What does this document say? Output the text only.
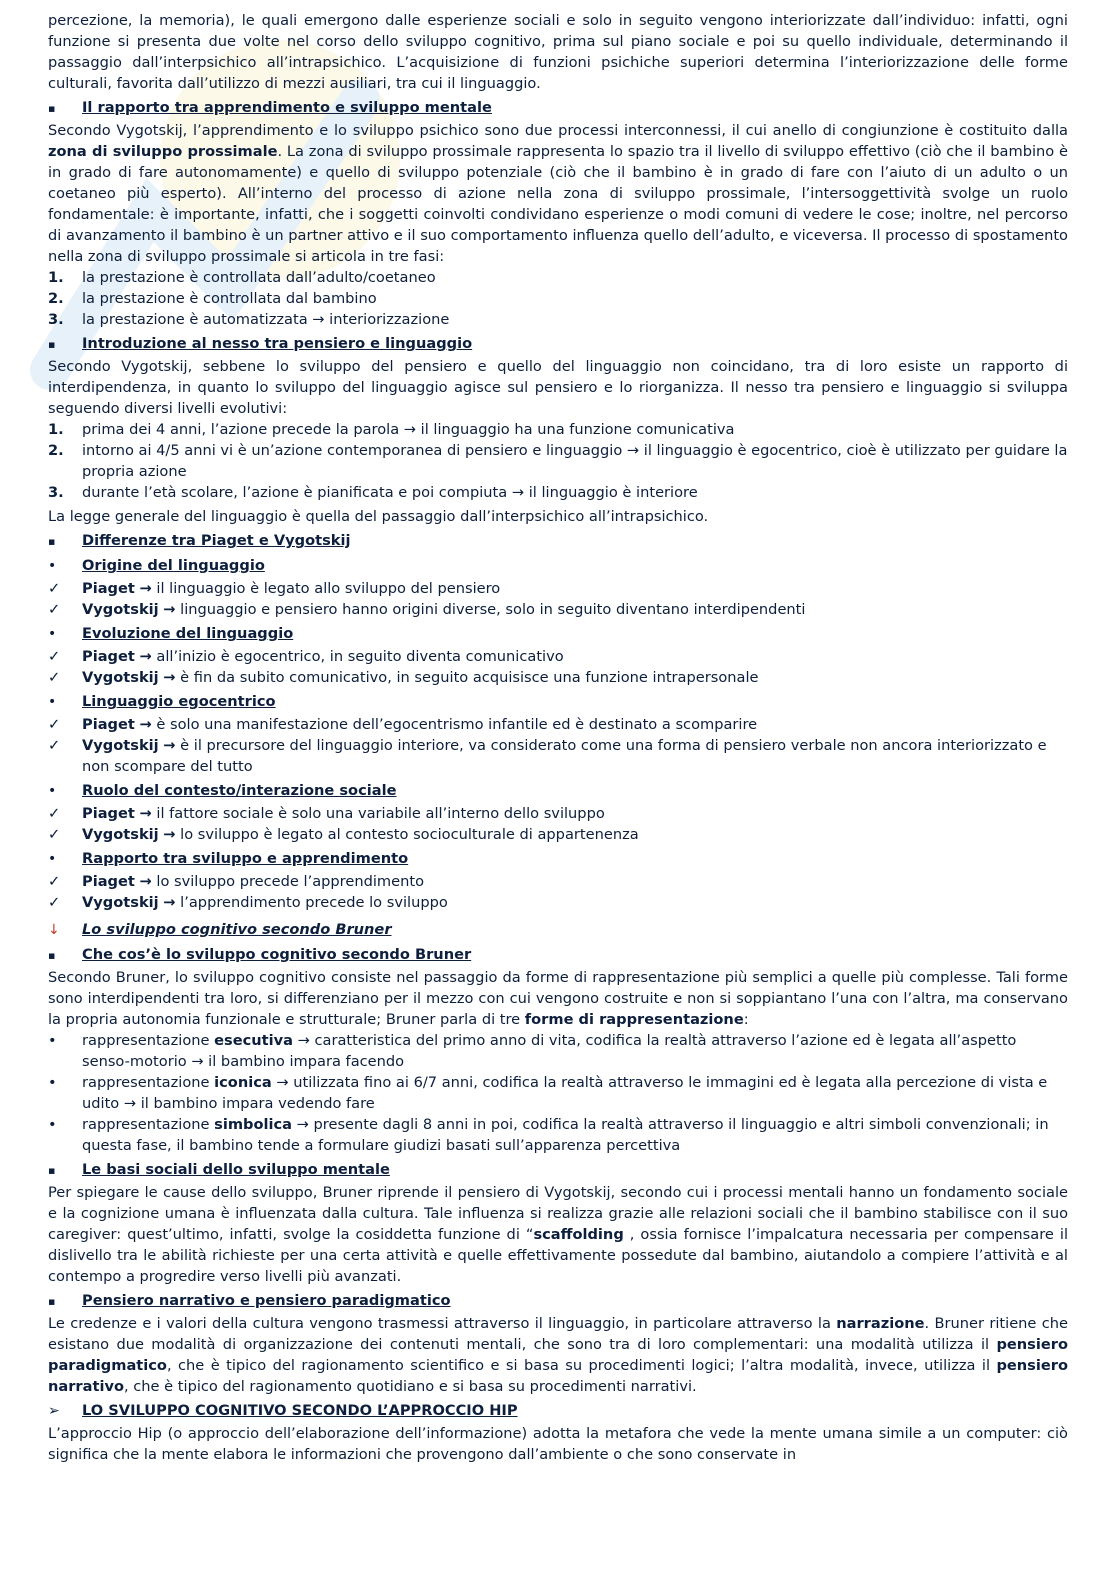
percezione, la memoria), le quali emergono dalle esperienze sociali e solo in seguito vengono interiorizzate dall’individuo: infatti, ogni funzione si presenta due volte nel corso dello sviluppo cognitivo, prima sul piano sociale e poi su quello individuale, determinando il passaggio dall’interpsichico all’intrapsichico. L’acquisizione di funzioni psichiche superiori determina l’interiorizzazione delle forme culturali, favorita dall’utilizzo di mezzi ausiliari, tra cui il linguaggio.

▪	Il rapporto tra apprendimento e sviluppo mentale

Secondo Vygotskij, l’apprendimento e lo sviluppo psichico sono due processi interconnessi, il cui anello di congiunzione è costituito dalla zona di sviluppo prossimale. La zona di sviluppo prossimale rappresenta lo spazio tra il livello di sviluppo effettivo (ciò che il bambino è in grado di fare autonomamente) e quello di sviluppo potenziale (ciò che il bambino è in grado di fare con l’aiuto di un adulto o un coetaneo più esperto). All’interno del processo di azione nella zona di sviluppo prossimale, l’intersoggettività svolge un ruolo fondamentale: è importante, infatti, che i soggetti coinvolti condividano esperienze o modi comuni di vedere le cose; inoltre, nel percorso di avanzamento il bambino è un partner attivo e il suo comportamento influenza quello dell’adulto, e viceversa. Il processo di spostamento nella zona di sviluppo prossimale si articola in tre fasi:

1.	la prestazione è controllata dall’adulto/coetaneo
2.	la prestazione è controllata dal bambino
3.	la prestazione è automatizzata → interiorizzazione
▪	Introduzione al nesso tra pensiero e linguaggio

Secondo Vygotskij, sebbene lo sviluppo del pensiero e quello del linguaggio non coincidano, tra di loro esiste un rapporto di interdipendenza, in quanto lo sviluppo del linguaggio agisce sul pensiero e lo riorganizza. Il nesso tra pensiero e linguaggio si sviluppa seguendo diversi livelli evolutivi:

1.	prima dei 4 anni, l’azione precede la parola → il linguaggio ha una funzione comunicativa
2.	intorno ai 4/5 anni vi è un’azione contemporanea di pensiero e linguaggio → il linguaggio è egocentrico, cioè è utilizzato per guidare la propria azione
3.	durante l’età scolare, l’azione è pianificata e poi compiuta → il linguaggio è interiore

La legge generale del linguaggio è quella del passaggio dall’interpsichico all’intrapsichico.

▪	Differenze tra Piaget e Vygotskij
•	Origine del linguaggio
✓	Piaget → il linguaggio è legato allo sviluppo del pensiero
✓	Vygotskij → linguaggio e pensiero hanno origini diverse, solo in seguito diventano interdipendenti
•	Evoluzione del linguaggio
✓	Piaget → all’inizio è egocentrico, in seguito diventa comunicativo
✓	Vygotskij → è fin da subito comunicativo, in seguito acquisisce una funzione intrapersonale
•	Linguaggio egocentrico
✓	Piaget → è solo una manifestazione dell’egocentrismo infantile ed è destinato a scomparire
✓	Vygotskij → è il precursore del linguaggio interiore, va considerato come una forma di pensiero verbale non ancora interiorizzato e non scompare del tutto
•	Ruolo del contesto/interazione sociale
✓	Piaget → il fattore sociale è solo una variabile all’interno dello sviluppo
✓	Vygotskij → lo sviluppo è legato al contesto socioculturale di appartenenza
•	Rapporto tra sviluppo e apprendimento
✓	Piaget → lo sviluppo precede l’apprendimento
✓	Vygotskij → l’apprendimento precede lo sviluppo
↓	Lo sviluppo cognitivo secondo Bruner
▪	Che cos’è lo sviluppo cognitivo secondo Bruner

Secondo Bruner, lo sviluppo cognitivo consiste nel passaggio da forme di rappresentazione più semplici a quelle più complesse. Tali forme sono interdipendenti tra loro, si differenziano per il mezzo con cui vengono costruite e non si soppiantano l’una con l’altra, ma conservano la propria autonomia funzionale e strutturale; Bruner parla di tre forme di rappresentazione:

•	rappresentazione esecutiva → caratteristica del primo anno di vita, codifica la realtà attraverso l’azione ed è legata all’aspetto senso-motorio → il bambino impara facendo
•	rappresentazione iconica → utilizzata fino ai 6/7 anni, codifica la realtà attraverso le immagini ed è legata alla percezione di vista e udito → il bambino impara vedendo fare
•	rappresentazione simbolica → presente dagli 8 anni in poi, codifica la realtà attraverso il linguaggio e altri simboli convenzionali; in questa fase, il bambino tende a formulare giudizi basati sull’apparenza percettiva
▪	Le basi sociali dello sviluppo mentale

Per spiegare le cause dello sviluppo, Bruner riprende il pensiero di Vygotskij, secondo cui i processi mentali hanno un fondamento sociale e la cognizione umana è influenzata dalla cultura. Tale influenza si realizza grazie alle relazioni sociali che il bambino stabilisce con il suo caregiver: quest’ultimo, infatti, svolge la cosiddetta funzione di “scaffolding , ossia fornisce l’impalcatura necessaria per compensare il dislivello tra le abilità richieste per una certa attività e quelle effettivamente possedute dal bambino, aiutandolo a compiere l’attività e al contempo a progredire verso livelli più avanzati.

▪	Pensiero narrativo e pensiero paradigmatico

Le credenze e i valori della cultura vengono trasmessi attraverso il linguaggio, in particolare attraverso la narrazione. Bruner ritiene che esistano due modalità di organizzazione dei contenuti mentali, che sono tra di loro complementari: una modalità utilizza il pensiero paradigmatico, che è tipico del ragionamento scientifico e si basa su procedimenti logici; l’altra modalità, invece, utilizza il pensiero narrativo, che è tipico del ragionamento quotidiano e si basa su procedimenti narrativi.

➢	LO SVILUPPO COGNITIVO SECONDO L’APPROCCIO HIP

L’approccio Hip (o approccio dell’elaborazione dell’informazione) adotta la metafora che vede la mente umana simile a un computer: ciò significa che la mente elabora le informazioni che provengono dall’ambiente o che sono conservate in
